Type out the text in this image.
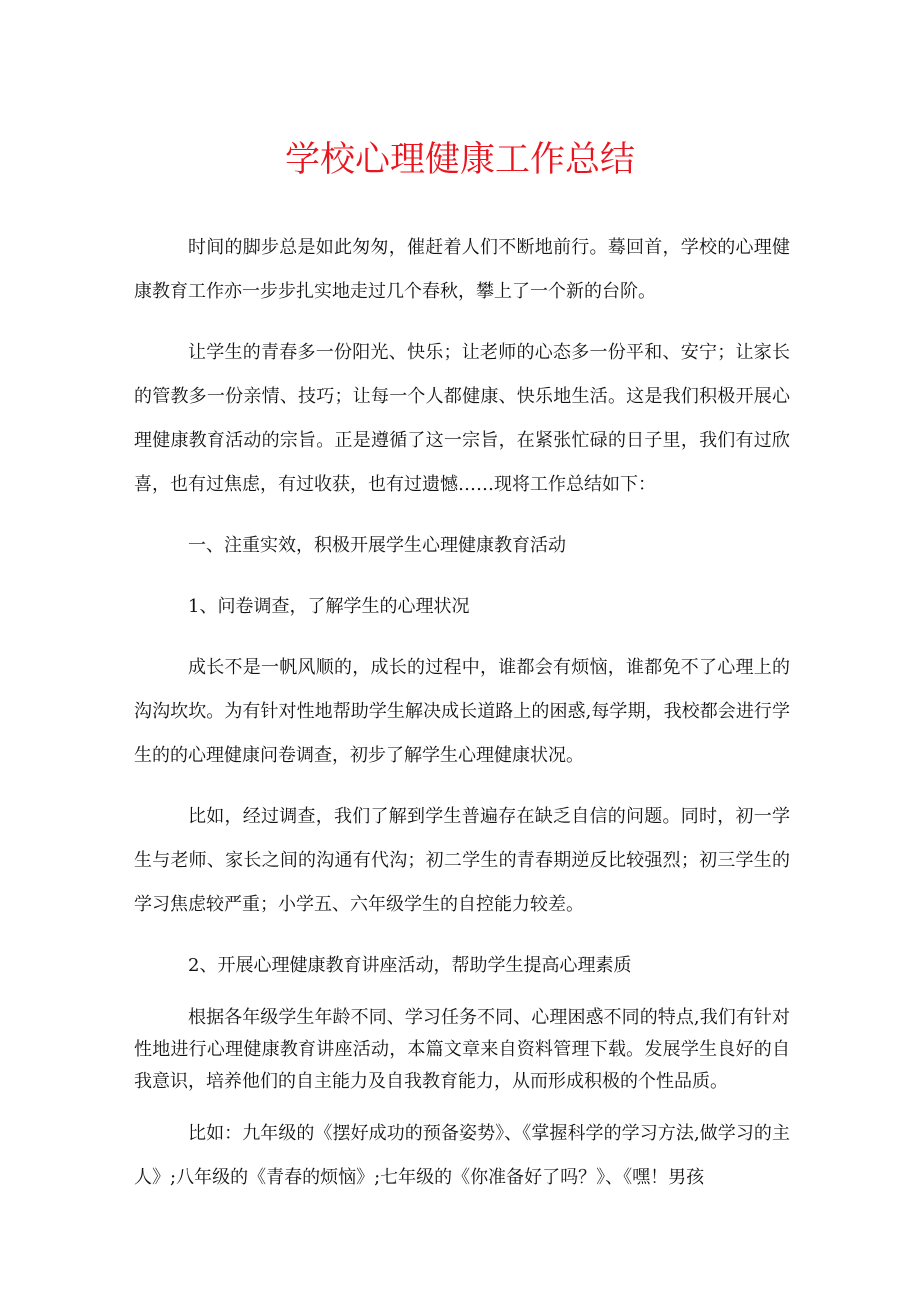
学校心理健康工作总结

时间的脚步总是如此匆匆，催赶着人们不断地前行。蓦回首，学校的心理健康教育工作亦一步步扎实地走过几个春秋，攀上了一个新的台阶。

让学生的青春多一份阳光、快乐；让老师的心态多一份平和、安宁；让家长的管教多一份亲情、技巧；让每一个人都健康、快乐地生活。这是我们积极开展心理健康教育活动的宗旨。正是遵循了这一宗旨，在紧张忙碌的日子里，我们有过欣喜，也有过焦虑，有过收获，也有过遗憾……现将工作总结如下：

一、注重实效，积极开展学生心理健康教育活动

1、问卷调查，了解学生的心理状况

成长不是一帆风顺的，成长的过程中，谁都会有烦恼，谁都免不了心理上的沟沟坎坎。为有针对性地帮助学生解决成长道路上的困惑,每学期，我校都会进行学生的的心理健康问卷调查，初步了解学生心理健康状况。

比如，经过调查，我们了解到学生普遍存在缺乏自信的问题。同时，初一学生与老师、家长之间的沟通有代沟；初二学生的青春期逆反比较强烈；初三学生的学习焦虑较严重；小学五、六年级学生的自控能力较差。

2、开展心理健康教育讲座活动，帮助学生提高心理素质

根据各年级学生年龄不同、学习任务不同、心理困惑不同的特点,我们有针对性地进行心理健康教育讲座活动，本篇文章来自资料管理下载。发展学生良好的自我意识，培养他们的自主能力及自我教育能力，从而形成积极的个性品质。

比如：九年级的《摆好成功的预备姿势》、《掌握科学的学习方法,做学习的主人》;八年级的《青春的烦恼》;七年级的《你准备好了吗？》、《嘿！男孩
